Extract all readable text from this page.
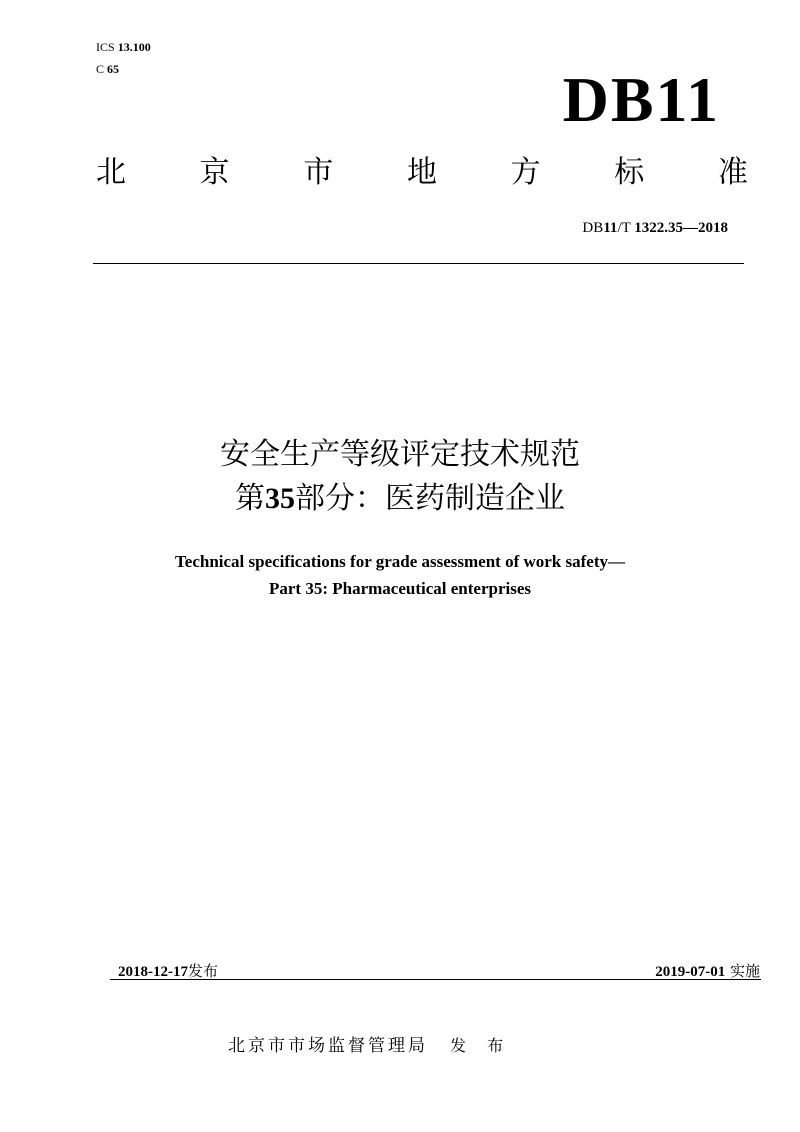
ICS 13.100
C 65	DB11
北 京 市 地 方 标 准
DB11/T 1322.35—2018
安全生产等级评定技术规范
第35部分：医药制造企业
Technical specifications for grade assessment of work safety—
Part 35: Pharmaceutical enterprises
2018-12-17发布	2019-07-01 实施
北京市市场监督管理局 发 布
